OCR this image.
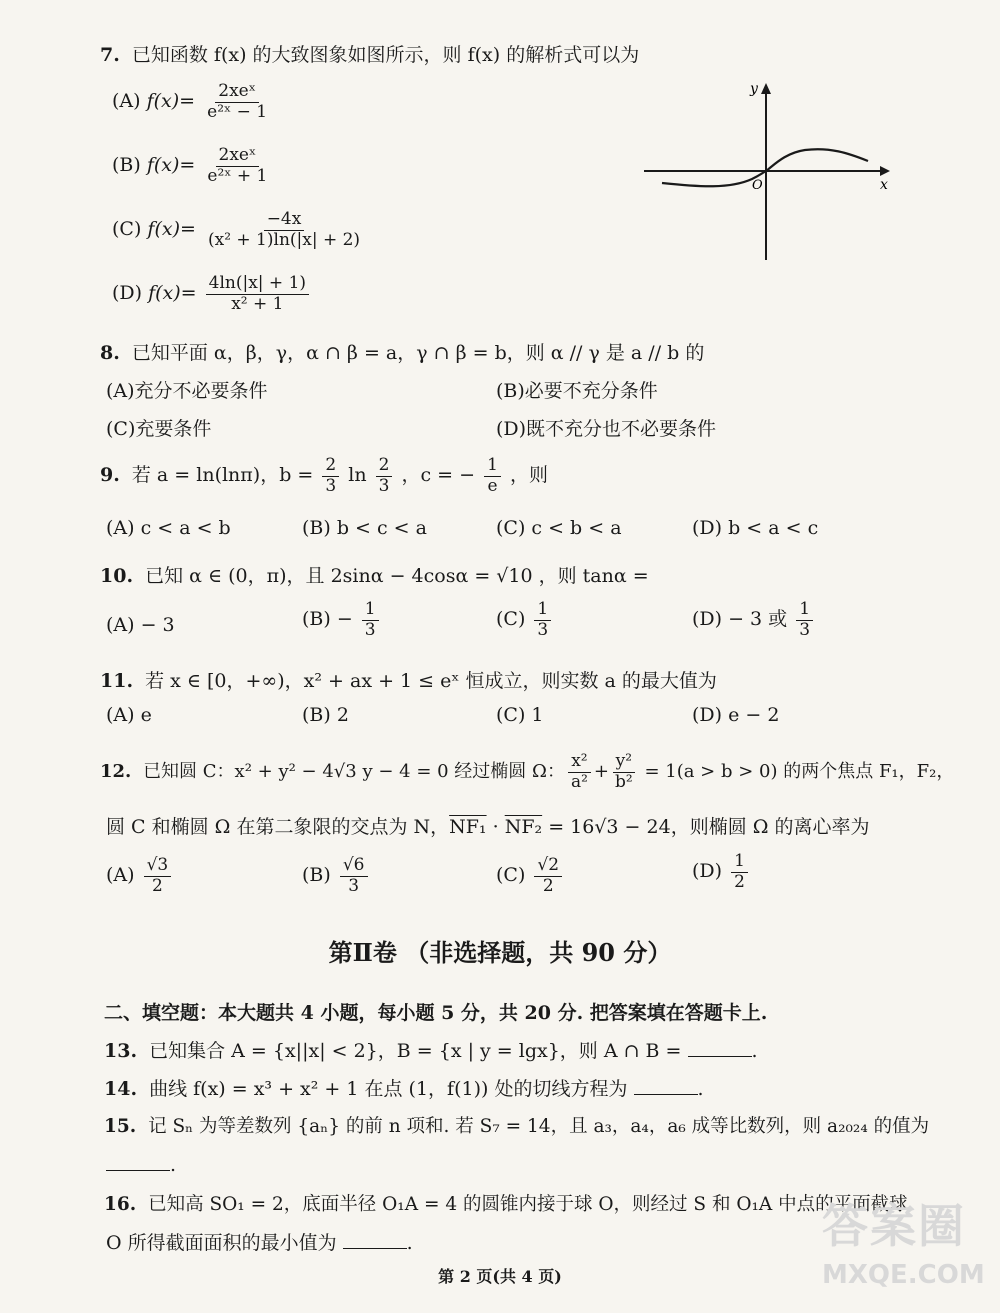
7. 已知函数 f(x) 的大致图象如图所示，则 f(x) 的解析式可以为
(A) $f(x)= \frac{\text{2xeˣ}}{\text{e²ˣ − 1}}$
(B) $f(x)= \frac{\text{2xeˣ}}{\text{e²ˣ + 1}}$
(C) $f(x)= \frac{-4x}{\text{(x² + 1)ln(|x| + 2)}}$
(D) $f(x)= \frac{4\ln(|x| + 1)}{\text{x² + 1}}$
x
y
O
8. 已知平面 α，β，γ，α ∩ β = a，γ ∩ β = b，则 α // γ 是 a // b 的
(A)充分不必要条件	(B)必要不充分条件
(C)充要条件	(D)既不充分也不必要条件
9. 若 a = ln(lnπ)，$b = \frac{2}{3}$ $\ln \frac{2}{3}$ ，c = − $\frac{1}{e}$ ，则
(A) c < a < b	(B) b < c < a	(C) c < b < a	(D) b < a < c
10. 已知 α ∈ (0，π)，且 2sinα − 4cosα = √10 ，则 tanα =
(A) − 3	$(B) - \frac{1}{3}$	$(C) \frac{1}{3}$	(D) − 3 或 $\frac{1}{3}$
11. 若 x ∈ [0，+∞)，x² + ax + 1 ≤ eˣ 恒成立，则实数 a 的最大值为
(A) e	(B) 2	(C) 1	(D) e − 2
12. 已知圆 C：x² + y² − 4√3 y − 4 = 0 经过椭圆 Ω： $\frac{\text{x²}}{\text{a²}} + \frac{\text{y²}}{\text{b²}} = 1(a > b > 0)$ 的两个焦点 F₁，F₂，
圆 C 和椭圆 Ω 在第二象限的交点为 N，NF₁ · NF₂ = 16√3 − 24，则椭圆 Ω 的离心率为
$(A) \frac{√3}{2}$	$(B) \frac{√6}{3}$	$(C) \frac{√2}{2}$	$(D) \frac{1}{2}$
第Ⅱ卷 （非选择题，共 90 分）
二、填空题：本大题共 4 小题，每小题 5 分，共 20 分. 把答案填在答题卡上.
13. 已知集合 A = {x||x| < 2}，B = {x | y = lgx}，则 A ∩ B =	.
14. 曲线 f(x) = x³ + x² + 1 在点 (1，f(1)) 处的切线方程为	.
15. 记 Sₙ 为等差数列 {aₙ} 的前 n 项和. 若 S₇ = 14，且 a₃，a₄，a₆ 成等比数列，则 a₂₀₂₄ 的值为
.
16. 已知高 SO₁ = 2，底面半径 O₁A = 4 的圆锥内接于球 O，则经过 S 和 O₁A 中点的平面截球
O 所得截面面积的最小值为	.
第 2 页(共 4 页)
答案圈
MXQE.COM
